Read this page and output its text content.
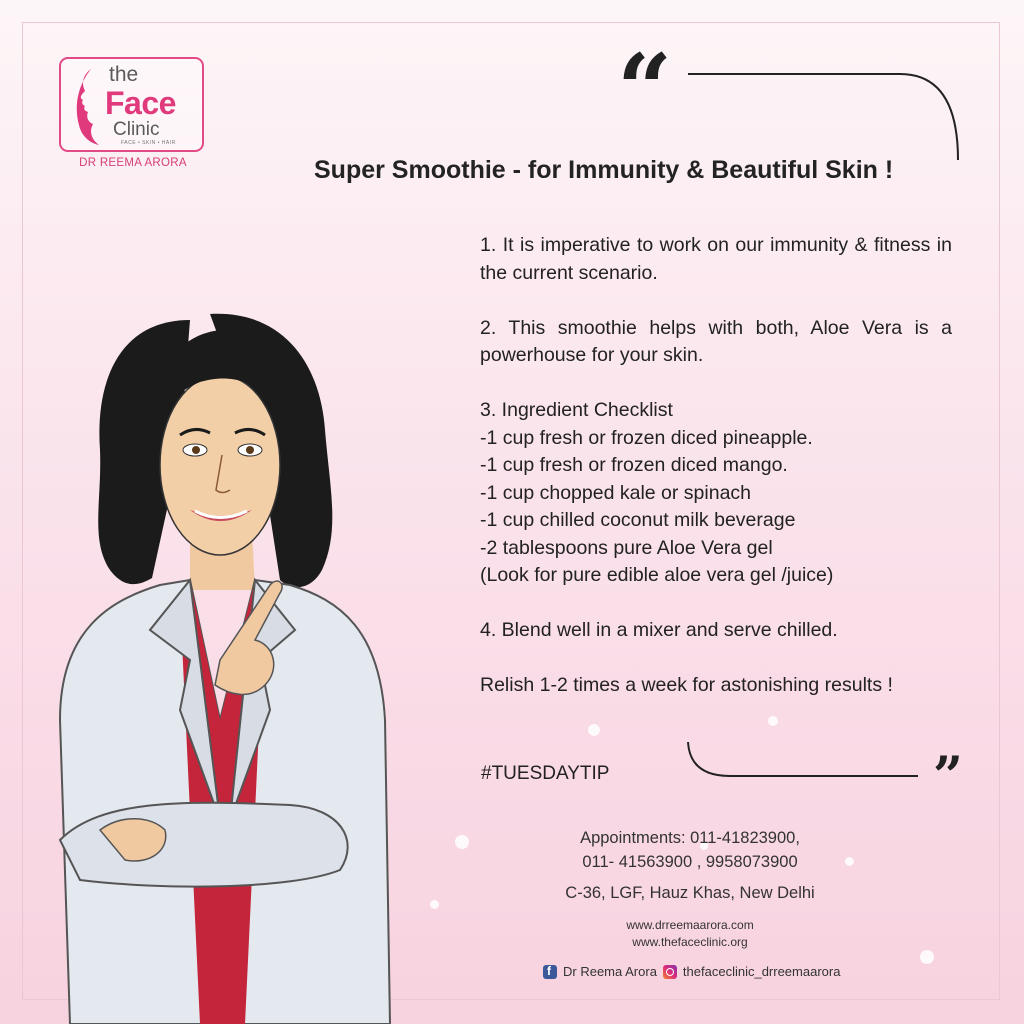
the
Face
Clinic
FACE • SKIN • HAIR
DR REEMA ARORA
“
”
Super Smoothie - for Immunity & Beautiful Skin !

1. It is imperative to work on our immunity & fitness in the current scenario.

2. This smoothie helps with both, Aloe Vera is a powerhouse for your skin.

3. Ingredient Checklist

-1 cup fresh or frozen diced pineapple.

-1 cup fresh or frozen diced mango.

-1 cup chopped kale or spinach

-1 cup chilled coconut milk beverage

-2 tablespoons pure Aloe Vera gel

(Look for pure edible aloe vera gel /juice)

4. Blend well in a mixer and serve chilled.

Relish 1-2 times a week for astonishing results !

#TUESDAYTIP
Appointments: 011-41823900,
011- 41563900 , 9958073900
C-36, LGF, Hauz Khas, New Delhi
www.drreemaarora.com
www.thefaceclinic.org
f
Dr Reema Arora thefaceclinic_drreemaarora
